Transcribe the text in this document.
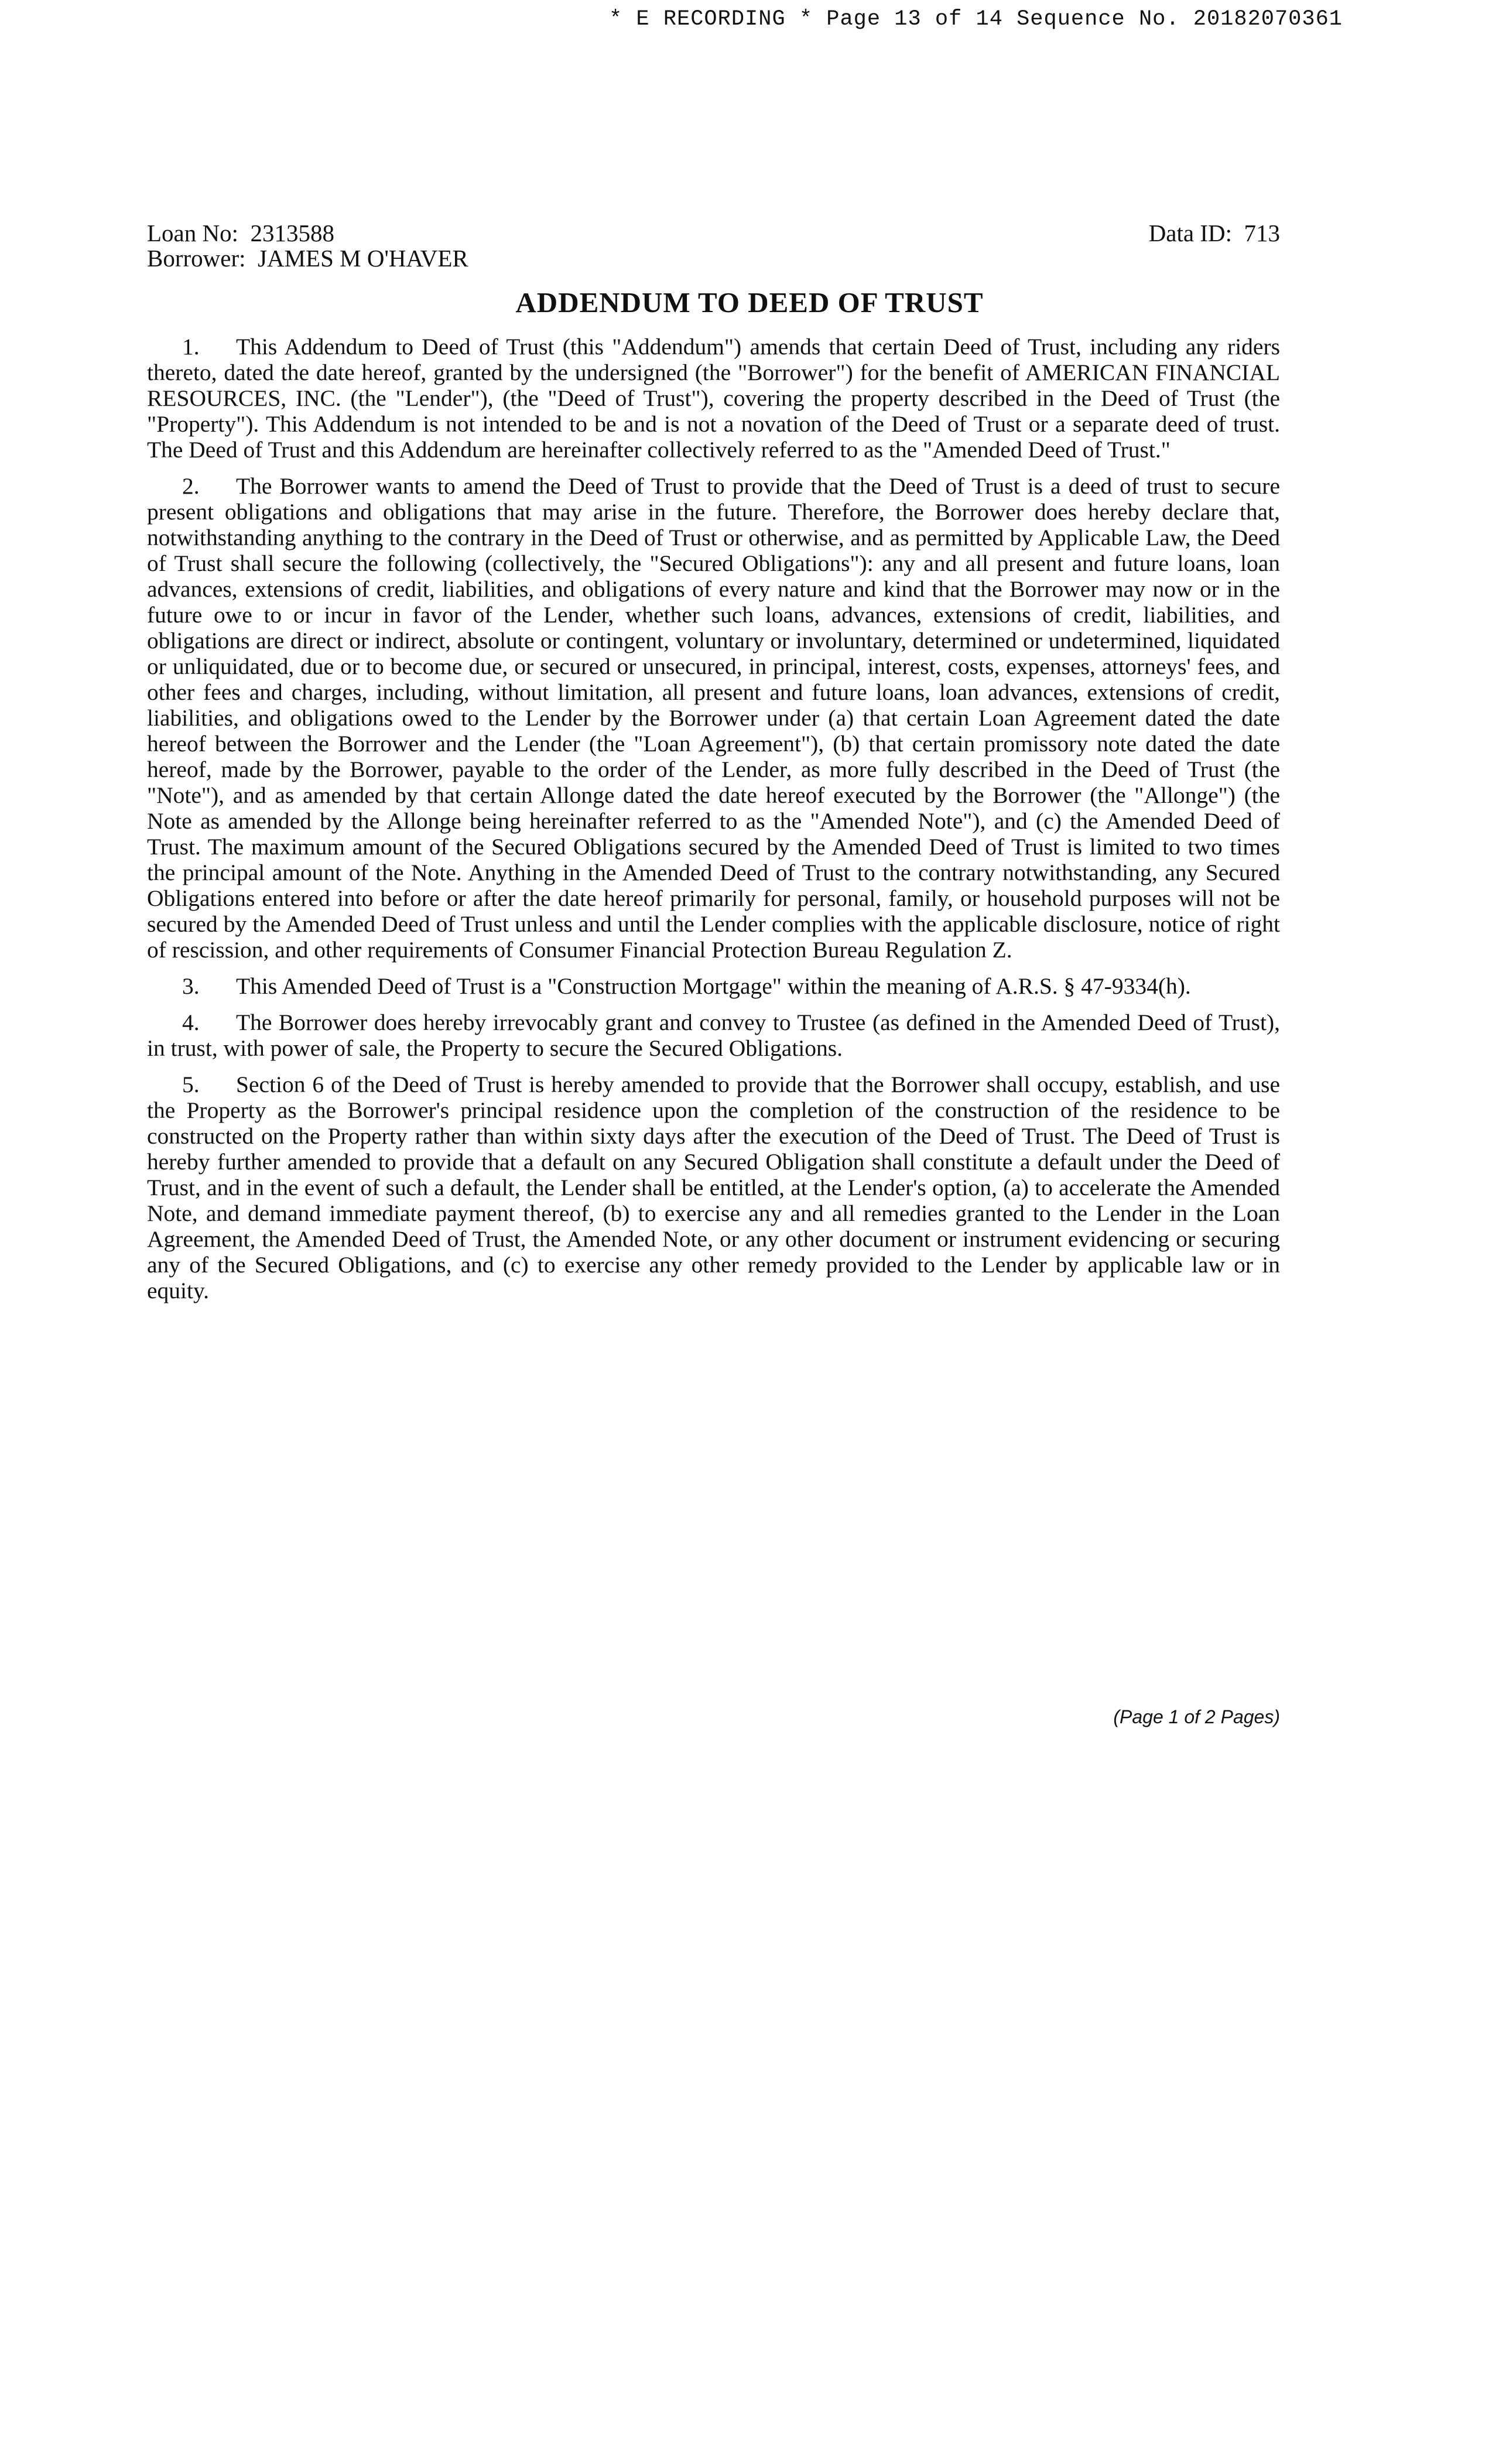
* E RECORDING * Page 13 of 14 Sequence No. 20182070361
Loan No: 2313588
Borrower: JAMES M O'HAVER
Data ID: 713
ADDENDUM TO DEED OF TRUST

1. This Addendum to Deed of Trust (this "Addendum") amends that certain Deed of Trust, including any riders thereto, dated the date hereof, granted by the undersigned (the "Borrower") for the benefit of AMERICAN FINANCIAL RESOURCES, INC. (the "Lender"), (the "Deed of Trust"), covering the property described in the Deed of Trust (the "Property"). This Addendum is not intended to be and is not a novation of the Deed of Trust or a separate deed of trust. The Deed of Trust and this Addendum are hereinafter collectively referred to as the "Amended Deed of Trust."

2. The Borrower wants to amend the Deed of Trust to provide that the Deed of Trust is a deed of trust to secure present obligations and obligations that may arise in the future. Therefore, the Borrower does hereby declare that, notwithstanding anything to the contrary in the Deed of Trust or otherwise, and as permitted by Applicable Law, the Deed of Trust shall secure the following (collectively, the "Secured Obligations"): any and all present and future loans, loan advances, extensions of credit, liabilities, and obligations of every nature and kind that the Borrower may now or in the future owe to or incur in favor of the Lender, whether such loans, advances, extensions of credit, liabilities, and obligations are direct or indirect, absolute or contingent, voluntary or involuntary, determined or undetermined, liquidated or unliquidated, due or to become due, or secured or unsecured, in principal, interest, costs, expenses, attorneys' fees, and other fees and charges, including, without limitation, all present and future loans, loan advances, extensions of credit, liabilities, and obligations owed to the Lender by the Borrower under (a) that certain Loan Agreement dated the date hereof between the Borrower and the Lender (the "Loan Agreement"), (b) that certain promissory note dated the date hereof, made by the Borrower, payable to the order of the Lender, as more fully described in the Deed of Trust (the "Note"), and as amended by that certain Allonge dated the date hereof executed by the Borrower (the "Allonge") (the Note as amended by the Allonge being hereinafter referred to as the "Amended Note"), and (c) the Amended Deed of Trust. The maximum amount of the Secured Obligations secured by the Amended Deed of Trust is limited to two times the principal amount of the Note. Anything in the Amended Deed of Trust to the contrary notwithstanding, any Secured Obligations entered into before or after the date hereof primarily for personal, family, or household purposes will not be secured by the Amended Deed of Trust unless and until the Lender complies with the applicable disclosure, notice of right of rescission, and other requirements of Consumer Financial Protection Bureau Regulation Z.

3. This Amended Deed of Trust is a "Construction Mortgage" within the meaning of A.R.S. § 47-9334(h).

4. The Borrower does hereby irrevocably grant and convey to Trustee (as defined in the Amended Deed of Trust), in trust, with power of sale, the Property to secure the Secured Obligations.

5. Section 6 of the Deed of Trust is hereby amended to provide that the Borrower shall occupy, establish, and use the Property as the Borrower's principal residence upon the completion of the construction of the residence to be constructed on the Property rather than within sixty days after the execution of the Deed of Trust. The Deed of Trust is hereby further amended to provide that a default on any Secured Obligation shall constitute a default under the Deed of Trust, and in the event of such a default, the Lender shall be entitled, at the Lender's option, (a) to accelerate the Amended Note, and demand immediate payment thereof, (b) to exercise any and all remedies granted to the Lender in the Loan Agreement, the Amended Deed of Trust, the Amended Note, or any other document or instrument evidencing or securing any of the Secured Obligations, and (c) to exercise any other remedy provided to the Lender by applicable law or in equity.

(Page 1 of 2 Pages)
